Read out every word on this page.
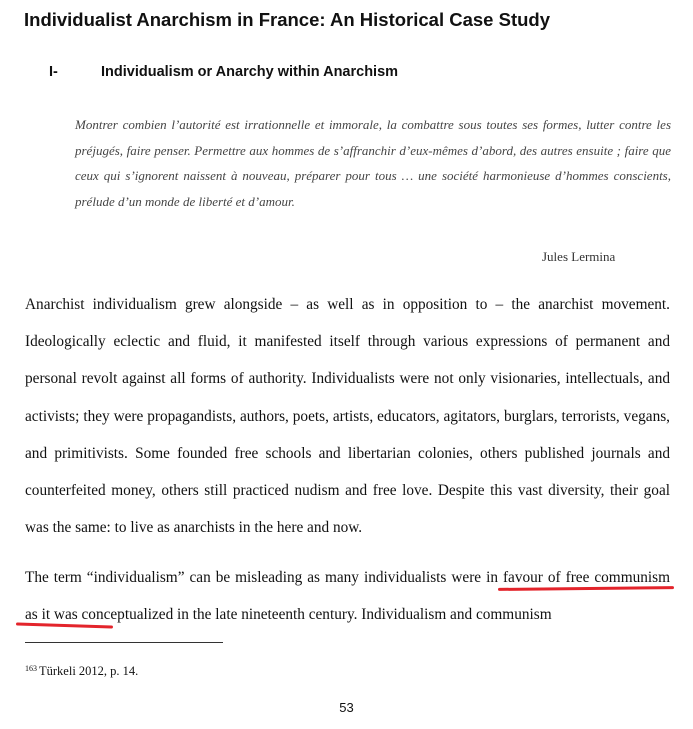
Individualist Anarchism in France: An Historical Case Study
I-	Individualism or Anarchy within Anarchism

Montrer combien l’autorité est irrationnelle et immorale, la combattre sous toutes ses formes, lutter contre les préjugés, faire penser. Permettre aux hommes de s’affranchir d’eux-mêmes d’abord, des autres ensuite ; faire que ceux qui s’ignorent naissent à nouveau, préparer pour tous … une société harmonieuse d’hommes conscients, prélude d’un monde de liberté et d’amour.

Jules Lermina

Anarchist individualism grew alongside – as well as in opposition to – the anarchist movement. Ideologically eclectic and fluid, it manifested itself through various expressions of permanent and personal revolt against all forms of authority. Individualists were not only visionaries, intellectuals, and activists; they were propagandists, authors, poets, artists, educators, agitators, burglars, terrorists, vegans, and primitivists. Some founded free schools and libertarian colonies, others published journals and counterfeited money, others still practiced nudism and free love. Despite this vast diversity, their goal was the same: to live as anarchists in the here and now.

The term “individualism” can be misleading as many individualists were in favour of free communism as it was conceptualized in the late nineteenth century. Individualism and communism

$^{163}$ Türkeli 2012, p. 14.
53
